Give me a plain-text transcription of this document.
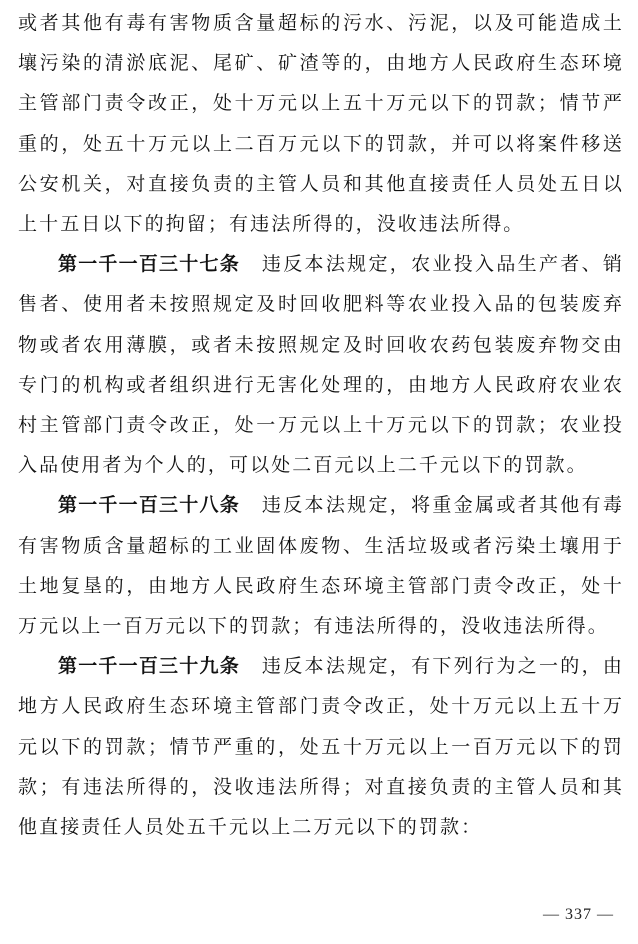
或者其他有毒有害物质含量超标的污水、污泥，以及可能造成土壤污染的清淤底泥、尾矿、矿渣等的，由地方人民政府生态环境主管部门责令改正，处十万元以上五十万元以下的罚款；情节严重的，处五十万元以上二百万元以下的罚款，并可以将案件移送公安机关，对直接负责的主管人员和其他直接责任人员处五日以上十五日以下的拘留；有违法所得的，没收违法所得。

第一千一百三十七条 违反本法规定，农业投入品生产者、销售者、使用者未按照规定及时回收肥料等农业投入品的包装废弃物或者农用薄膜，或者未按照规定及时回收农药包装废弃物交由专门的机构或者组织进行无害化处理的，由地方人民政府农业农村主管部门责令改正，处一万元以上十万元以下的罚款；农业投入品使用者为个人的，可以处二百元以上二千元以下的罚款。

第一千一百三十八条 违反本法规定，将重金属或者其他有毒有害物质含量超标的工业固体废物、生活垃圾或者污染土壤用于土地复垦的，由地方人民政府生态环境主管部门责令改正，处十万元以上一百万元以下的罚款；有违法所得的，没收违法所得。

第一千一百三十九条 违反本法规定，有下列行为之一的，由地方人民政府生态环境主管部门责令改正，处十万元以上五十万元以下的罚款；情节严重的，处五十万元以上一百万元以下的罚款；有违法所得的，没收违法所得；对直接负责的主管人员和其他直接责任人员处五千元以上二万元以下的罚款：

— 337 —
